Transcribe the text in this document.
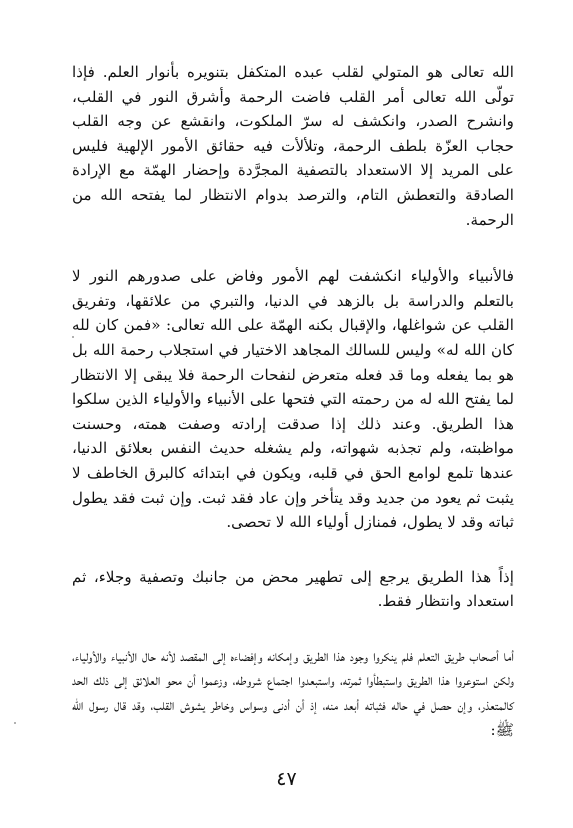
الله تعالى هو المتولي لقلب عبده المتكفل بتنويره بأنوار العلم. فإذا تولّى الله تعالى أمر القلب فاضت الرحمة وأشرق النور في القلب، وانشرح الصدر، وانكشف له سرّ الملكوت، وانقشع عن وجه القلب حجاب العزّة بلطف الرحمة، وتلألأت فيه حقائق الأمور الإلهية فليس على المريد إلا الاستعداد بالتصفية المجرَّدة وإحضار الهمّة مع الإرادة الصادقة والتعطش التام، والترصد بدوام الانتظار لما يفتحه الله من الرحمة.

فالأنبياء والأولياء انكشفت لهم الأمور وفاض على صدورهم النور لا بالتعلم والدراسة بل بالزهد في الدنيا، والتبري من علائقها، وتفريق القلب عن شواغلها، والإقبال بكنه الهمّة على الله تعالى: «فمن كان لله كان الله له» وليس للسالك المجاهد الاختيار في استجلاب رحمة الله بل هو بما يفعله وما قد فعله متعرض لنفحات الرحمة فلا يبقى إلا الانتظار لما يفتح الله له من رحمته التي فتحها على الأنبياء والأولياء الذين سلكوا هذا الطريق. وعند ذلك إذا صدقت إرادته وصفت همته، وحسنت مواظبته، ولم تجذبه شهواته، ولم يشغله حديث النفس بعلائق الدنيا، عندها تلمع لوامع الحق في قلبه، ويكون في ابتدائه كالبرق الخاطف لا يثبت ثم يعود من جديد وقد يتأخر وإن عاد فقد ثبت. وإن ثبت فقد يطول ثباته وقد لا يطول، فمنازل أولياء الله لا تحصى.

إذاً هذا الطريق يرجع إلى تطهير محض من جانبك وتصفية وجلاء، ثم استعداد وانتظار فقط.

أما أصحاب طريق التعلم فلم ينكروا وجود هذا الطريق وإمكانه وإفضاءه إلى المقصد لأنه حال الأنبياء والأولياء، ولكن استوعروا هذا الطريق واستبطأوا ثمرته، واستبعدوا اجتماع شروطه، وزعموا أن محو العلائق إلى ذلك الحد كالمتعذر، وإن حصل في حاله فثباته أبعد منه، إذ أن أدنى وسواس وخاطر يشوش القلب، وقد قال رسول الله ﷺ:

٤٧
